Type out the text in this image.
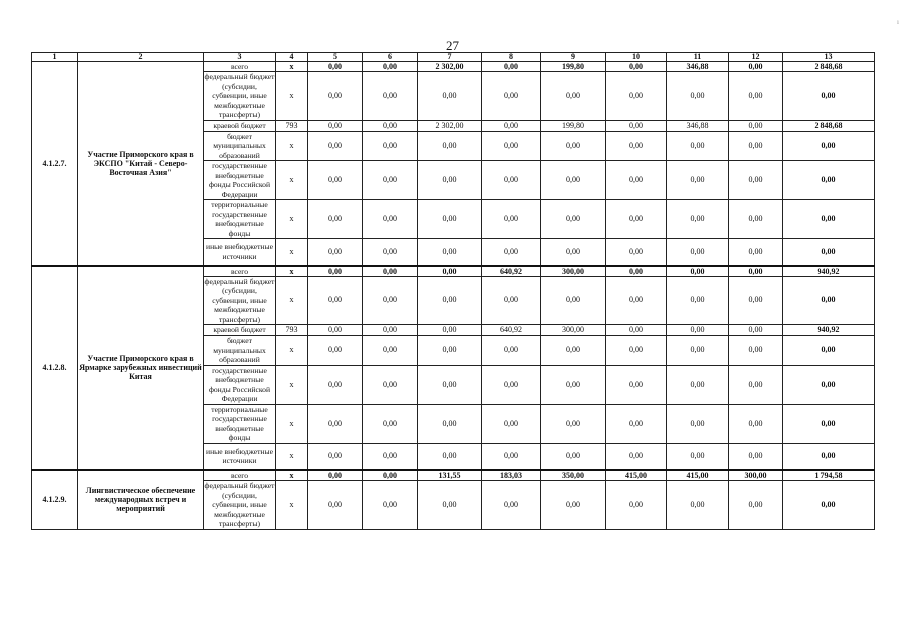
27
ı
1	2	3	4	5	6	7	8	9	10	11	12	13
4.1.2.7.	Участие Приморского края в ЭКСПО "Китай - Северо-Восточная Азия"	всего	x	0,00	0,00	2 302,00	0,00	199,80	0,00	346,88	0,00	2 848,68
		федеральный бюджет (субсидии, субвенции, иные межбюджетные трансферты)	x	0,00	0,00	0,00	0,00	0,00	0,00	0,00	0,00	0,00
		краевой бюджет	793	0,00	0,00	2 302,00	0,00	199,80	0,00	346,88	0,00	2 848,68
		бюджет муниципальных образований	x	0,00	0,00	0,00	0,00	0,00	0,00	0,00	0,00	0,00
		государственные внебюджетные фонды Российской Федерации	x	0,00	0,00	0,00	0,00	0,00	0,00	0,00	0,00	0,00
		территориальные государственные внебюджетные фонды	x	0,00	0,00	0,00	0,00	0,00	0,00	0,00	0,00	0,00
		иные внебюджетные источники	x	0,00	0,00	0,00	0,00	0,00	0,00	0,00	0,00	0,00
4.1.2.8.	Участие Приморского края в Ярмарке зарубежных инвестиций Китая	всего	x	0,00	0,00	0,00	640,92	300,00	0,00	0,00	0,00	940,92
		федеральный бюджет (субсидии, субвенции, иные межбюджетные трансферты)	x	0,00	0,00	0,00	0,00	0,00	0,00	0,00	0,00	0,00
		краевой бюджет	793	0,00	0,00	0,00	640,92	300,00	0,00	0,00	0,00	940,92
		бюджет муниципальных образований	x	0,00	0,00	0,00	0,00	0,00	0,00	0,00	0,00	0,00
		государственные внебюджетные фонды Российской Федерации	x	0,00	0,00	0,00	0,00	0,00	0,00	0,00	0,00	0,00
		территориальные государственные внебюджетные фонды	x	0,00	0,00	0,00	0,00	0,00	0,00	0,00	0,00	0,00
		иные внебюджетные источники	x	0,00	0,00	0,00	0,00	0,00	0,00	0,00	0,00	0,00
4.1.2.9.	Лингвистическое обеспечение международных встреч и мероприятий	всего	x	0,00	0,00	131,55	183,03	350,00	415,00	415,00	300,00	1 794,58
		федеральный бюджет (субсидии, субвенции, иные межбюджетные трансферты)	x	0,00	0,00	0,00	0,00	0,00	0,00	0,00	0,00	0,00
